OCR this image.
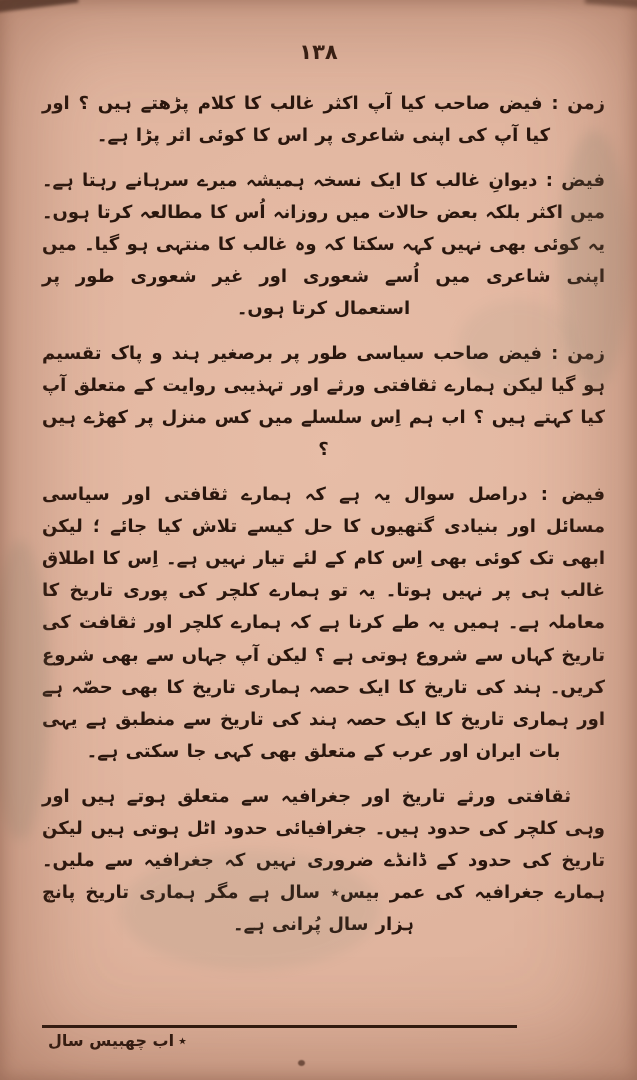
۱۳۸

زمن : فیض صاحب کیا آپ اکثر غالب کا کلام پڑھتے ہیں ؟ اور کیا آپ کی اپنی شاعری پر اس کا کوئی اثر پڑا ہے۔

فیض : دیوانِ غالب کا ایک نسخہ ہمیشہ میرے سرہانے رہتا ہے۔ میں اکثر بلکہ بعض حالات میں روزانہ اُس کا مطالعہ کرتا ہوں۔ یہ کوئی بھی نہیں کہہ سکتا کہ وہ غالب کا منتہی ہو گیا۔ میں اپنی شاعری میں اُسے شعوری اور غیر شعوری طور پر استعمال کرتا ہوں۔

زمن : فیض صاحب سیاسی طور پر برصغیر ہند و پاک تقسیم ہو گیا لیکن ہمارے ثقافتی ورثے اور تہذیبی روایت کے متعلق آپ کیا کہتے ہیں ؟ اب ہم اِس سلسلے میں کس منزل پر کھڑے ہیں ؟

فیض : دراصل سوال یہ ہے کہ ہمارے ثقافتی اور سیاسی مسائل اور بنیادی گتھیوں کا حل کیسے تلاش کیا جائے ؛ لیکن ابھی تک کوئی بھی اِس کام کے لئے تیار نہیں ہے۔ اِس کا اطلاق غالب ہی پر نہیں ہوتا۔ یہ تو ہمارے کلچر کی پوری تاریخ کا معاملہ ہے۔ ہمیں یہ طے کرنا ہے کہ ہمارے کلچر اور ثقافت کی تاریخ کہاں سے شروع ہوتی ہے ؟ لیکن آپ جہاں سے بھی شروع کریں۔ ہند کی تاریخ کا ایک حصہ ہماری تاریخ کا بھی حصّہ ہے اور ہماری تاریخ کا ایک حصہ ہند کی تاریخ سے منطبق ہے یہی بات ایران اور عرب کے متعلق بھی کہی جا سکتی ہے۔

ثقافتی ورثے تاریخ اور جغرافیہ سے متعلق ہوتے ہیں اور وہی کلچر کی حدود ہیں۔ جغرافیائی حدود اٹل ہوتی ہیں لیکن تاریخ کی حدود کے ڈانڈے ضروری نہیں کہ جغرافیہ سے ملیں۔ ہمارے جغرافیہ کی عمر بیس٭ سال ہے مگر ہماری تاریخ پانچ ہزار سال پُرانی ہے۔

٭اب چھبیس سال
